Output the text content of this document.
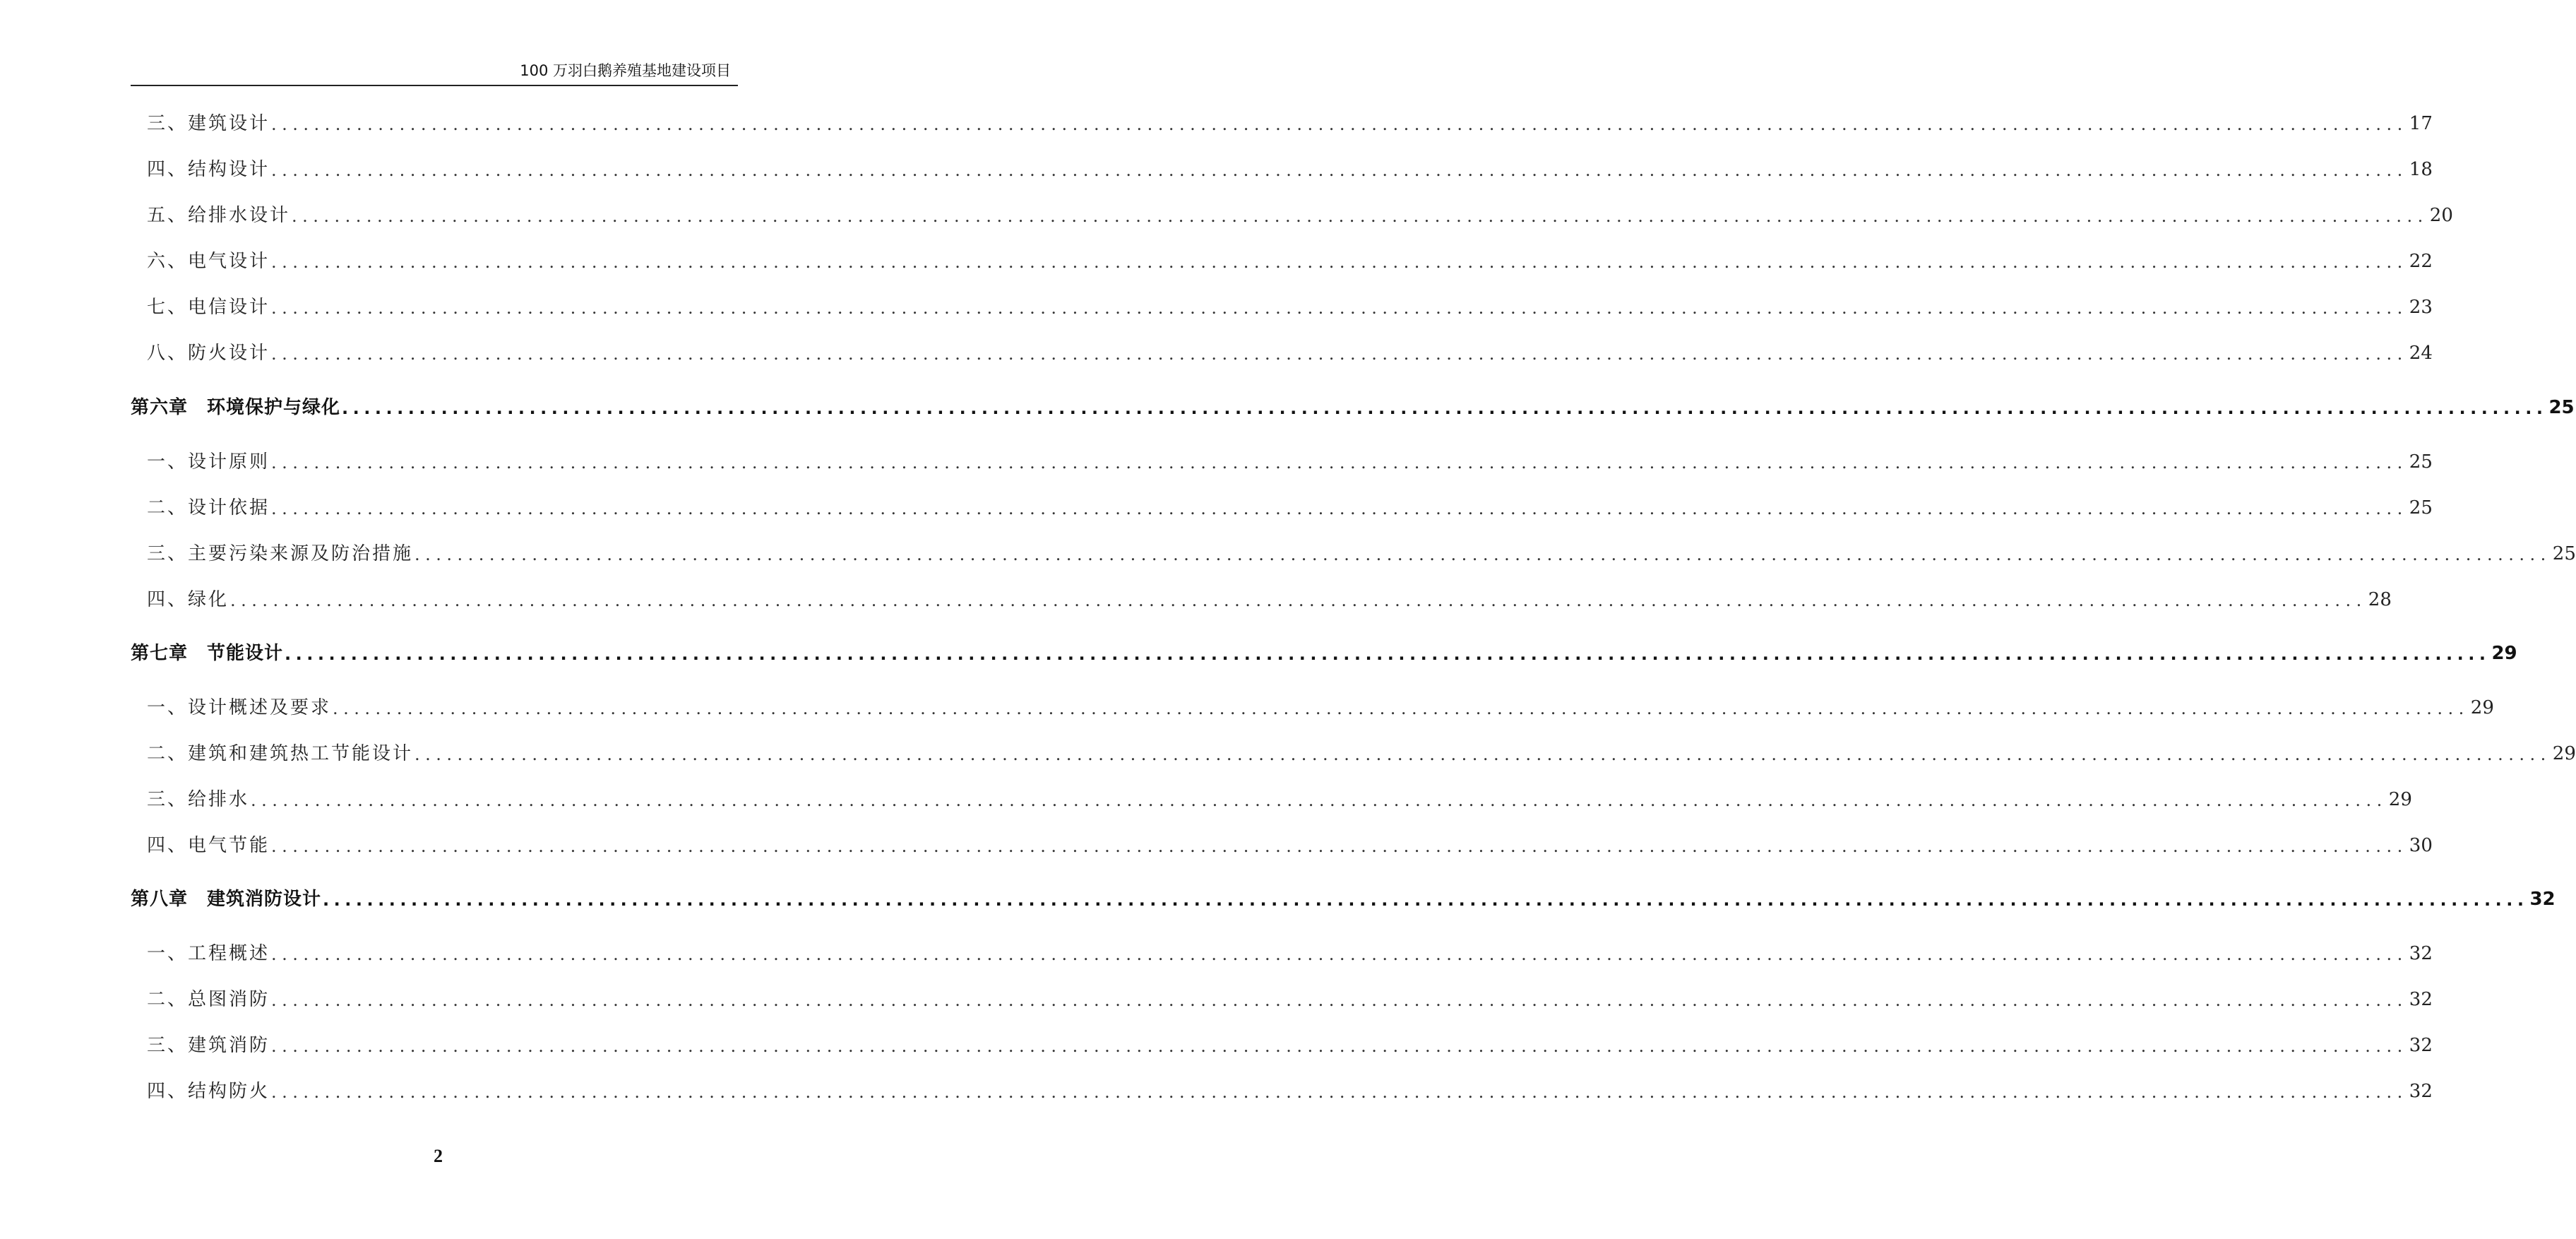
100 万羽白鹅养殖基地建设项目
三、建筑设计 ........................................................................................................................................................................................................ 17
四、结构设计 ........................................................................................................................................................................................................ 18
五、给排水设计 ........................................................................................................................................................................................................ 20
六、电气设计 ........................................................................................................................................................................................................ 22
七、电信设计 ........................................................................................................................................................................................................ 23
八、防火设计 ........................................................................................................................................................................................................ 24
第六章　环境保护与绿化 ........................................................................................................................................................................................................ 25
一、设计原则 ........................................................................................................................................................................................................ 25
二、设计依据 ........................................................................................................................................................................................................ 25
三、主要污染来源及防治措施 ........................................................................................................................................................................................................ 25
四、绿化 ........................................................................................................................................................................................................ 28
第七章　节能设计 ........................................................................................................................................................................................................ 29
一、设计概述及要求 ........................................................................................................................................................................................................ 29
二、建筑和建筑热工节能设计 ........................................................................................................................................................................................................ 29
三、给排水 ........................................................................................................................................................................................................ 29
四、电气节能 ........................................................................................................................................................................................................ 30
第八章　建筑消防设计 ........................................................................................................................................................................................................ 32
一、工程概述 ........................................................................................................................................................................................................ 32
二、总图消防 ........................................................................................................................................................................................................ 32
三、建筑消防 ........................................................................................................................................................................................................ 32
四、结构防火 ........................................................................................................................................................................................................ 32
2
